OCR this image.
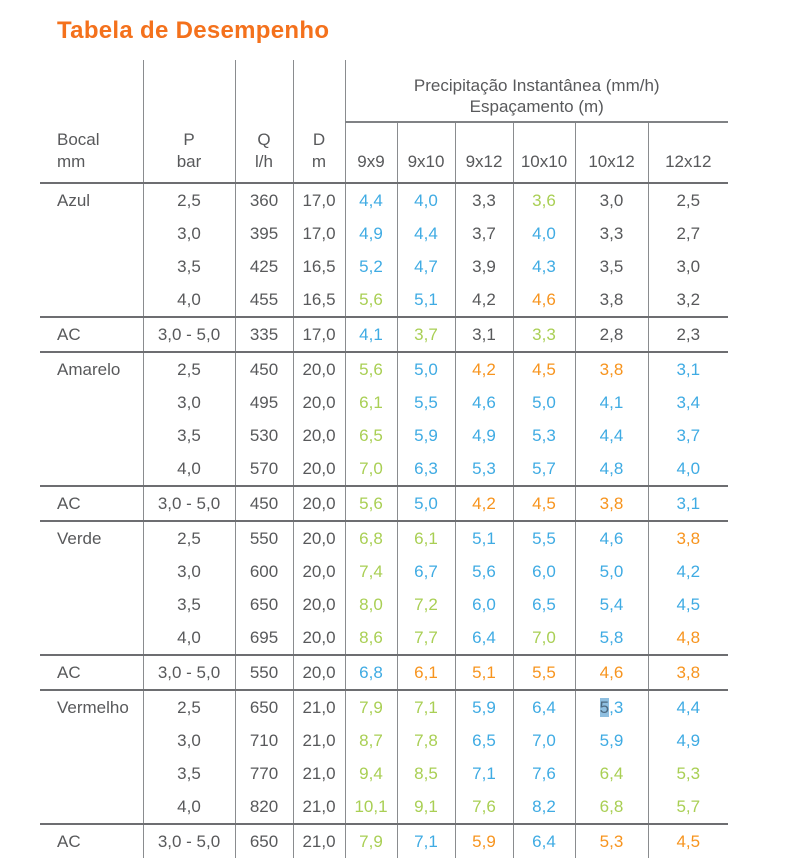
Tabela de Desempenho
Bocal
mm

P
bar

Q
l/h

D
m

Precipitação Instantânea (mm/h)
Espaçamento (m)

				9x9	9x10	9x12	10x10	10x12	12x12
Azul	2,5	360	17,0	4,4	4,0	3,3	3,6	3,0	2,5
	3,0	395	17,0	4,9	4,4	3,7	4,0	3,3	2,7
	3,5	425	16,5	5,2	4,7	3,9	4,3	3,5	3,0
	4,0	455	16,5	5,6	5,1	4,2	4,6	3,8	3,2
AC	3,0 - 5,0	335	17,0	4,1	3,7	3,1	3,3	2,8	2,3
Amarelo	2,5	450	20,0	5,6	5,0	4,2	4,5	3,8	3,1
	3,0	495	20,0	6,1	5,5	4,6	5,0	4,1	3,4
	3,5	530	20,0	6,5	5,9	4,9	5,3	4,4	3,7
	4,0	570	20,0	7,0	6,3	5,3	5,7	4,8	4,0
AC	3,0 - 5,0	450	20,0	5,6	5,0	4,2	4,5	3,8	3,1
Verde	2,5	550	20,0	6,8	6,1	5,1	5,5	4,6	3,8
	3,0	600	20,0	7,4	6,7	5,6	6,0	5,0	4,2
	3,5	650	20,0	8,0	7,2	6,0	6,5	5,4	4,5
	4,0	695	20,0	8,6	7,7	6,4	7,0	5,8	4,8
AC	3,0 - 5,0	550	20,0	6,8	6,1	5,1	5,5	4,6	3,8
Vermelho	2,5	650	21,0	7,9	7,1	5,9	6,4	5,3	4,4
	3,0	710	21,0	8,7	7,8	6,5	7,0	5,9	4,9
	3,5	770	21,0	9,4	8,5	7,1	7,6	6,4	5,3
	4,0	820	21,0	10,1	9,1	7,6	8,2	6,8	5,7
AC	3,0 - 5,0	650	21,0	7,9	7,1	5,9	6,4	5,3	4,5
